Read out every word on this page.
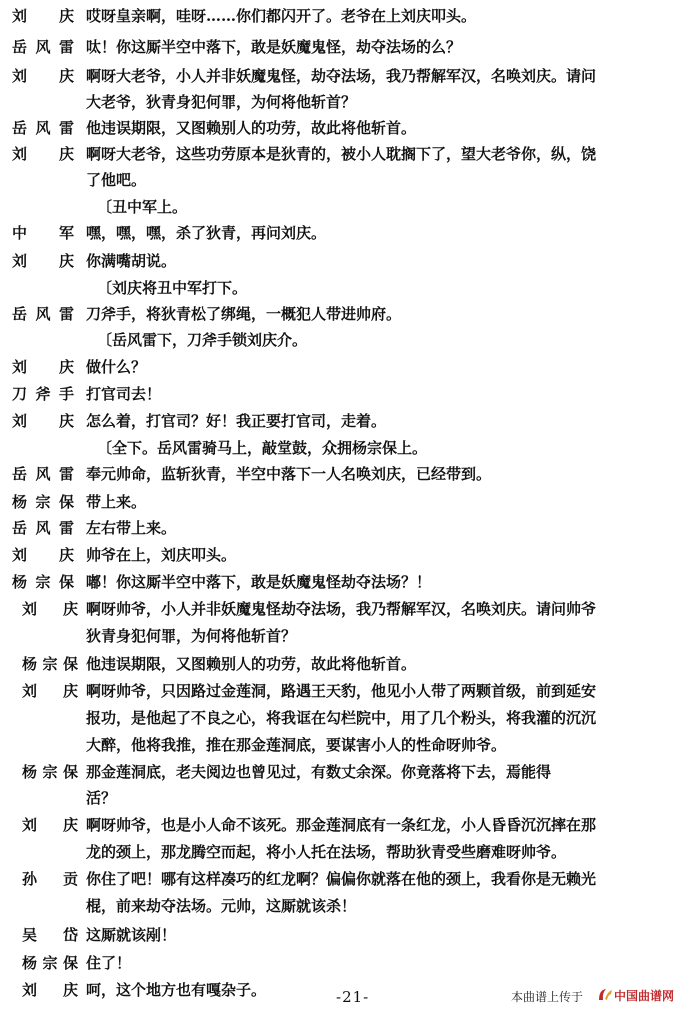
刘 庆 哎呀皇亲啊，哇呀……你们都闪开了。老爷在上刘庆叩头。
岳风雷 呔！你这厮半空中落下，敢是妖魔鬼怪，劫夺法场的么？
刘 庆 啊呀大老爷，小人并非妖魔鬼怪，劫夺法场，我乃帮解军汉，名唤刘庆。请问
大老爷，狄青身犯何罪，为何将他斩首？
岳风雷 他违误期限，又图赖别人的功劳，故此将他斩首。
刘 庆 啊呀大老爷，这些功劳原本是狄青的，被小人耽搁下了，望大老爷你，纵，饶
了他吧。
〔丑中军上。
中 军 嘿，嘿，嘿，杀了狄青，再问刘庆。
刘 庆 你满嘴胡说。
〔刘庆将丑中军打下。
岳风雷 刀斧手，将狄青松了绑绳，一概犯人带进帅府。
〔岳风雷下，刀斧手锁刘庆介。
刘 庆 做什么？
刀斧手 打官司去！
刘 庆 怎么着，打官司？好！我正要打官司，走着。
〔全下。岳风雷骑马上，敲堂鼓，众拥杨宗保上。
岳风雷 奉元帅命，监斩狄青，半空中落下一人名唤刘庆，已经带到。
杨宗保 带上来。
岳风雷 左右带上来。
刘 庆 帅爷在上，刘庆叩头。
杨宗保 嘟！你这厮半空中落下，敢是妖魔鬼怪劫夺法场？！
刘 庆 啊呀帅爷，小人并非妖魔鬼怪劫夺法场，我乃帮解军汉，名唤刘庆。请问帅爷
狄青身犯何罪，为何将他斩首？
杨宗保 他违误期限，又图赖别人的功劳，故此将他斩首。
刘 庆 啊呀帅爷，只因路过金莲洞，路遇王天豹，他见小人带了两颗首级，前到延安
报功，是他起了不良之心，将我诓在勾栏院中，用了几个粉头，将我灌的沉沉
大醉，他将我推，推在那金莲洞底，要谋害小人的性命呀帅爷。
杨宗保 那金莲洞底，老夫阅边也曾见过，有数丈余深。你竟落将下去，焉能得
活？
刘 庆 啊呀帅爷，也是小人命不该死。那金莲洞底有一条红龙，小人昏昏沉沉摔在那
龙的颈上，那龙腾空而起，将小人托在法场，帮助狄青受些磨难呀帅爷。
孙 贡 你住了吧！哪有这样凑巧的红龙啊？偏偏你就落在他的颈上，我看你是无赖光
棍，前来劫夺法场。元帅，这厮就该杀！
吴 岱 这厮就该剐！
杨宗保 住了！
刘 庆 呵，这个地方也有嘎杂子。	-21-	本曲谱上传于	中国曲谱网
